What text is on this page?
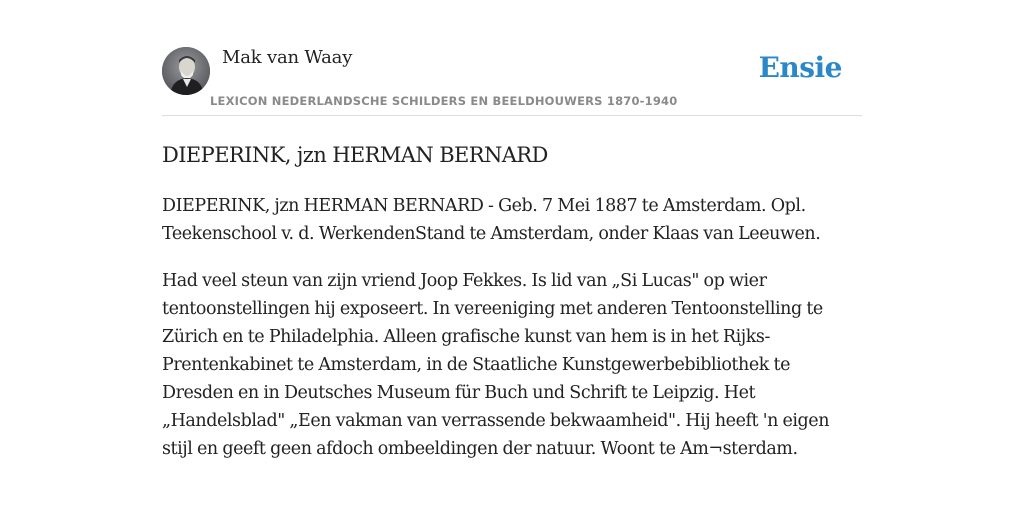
Mak van Waay
LEXICON NEDERLANDSCHE SCHILDERS EN BEELDHOUWERS 1870-1940
Ensie
DIEPERINK, jzn HERMAN BERNARD

DIEPERINK, jzn HERMAN BERNARD - Geb. 7 Mei 1887 te Amsterdam. Opl. Teekenschool v. d. WerkendenStand te Amsterdam, onder Klaas van Leeuwen.

Had veel steun van zijn vriend Joop Fekkes. Is lid van „Si Lucas" op wier tentoonstellingen hij exposeert. In vereeniging met anderen Tentoonstelling te Zürich en te Philadelphia. Alleen grafische kunst van hem is in het Rijks-Prentenkabinet te Amsterdam, in de Staatliche Kunstgewerbebibliothek te Dresden en in Deutsches Museum für Buch und Schrift te Leipzig. Het „Handelsblad" „Een vakman van verrassende bekwaamheid". Hij heeft 'n eigen stijl en geeft geen afdoch ombeeldingen der natuur. Woont te Am¬sterdam.
